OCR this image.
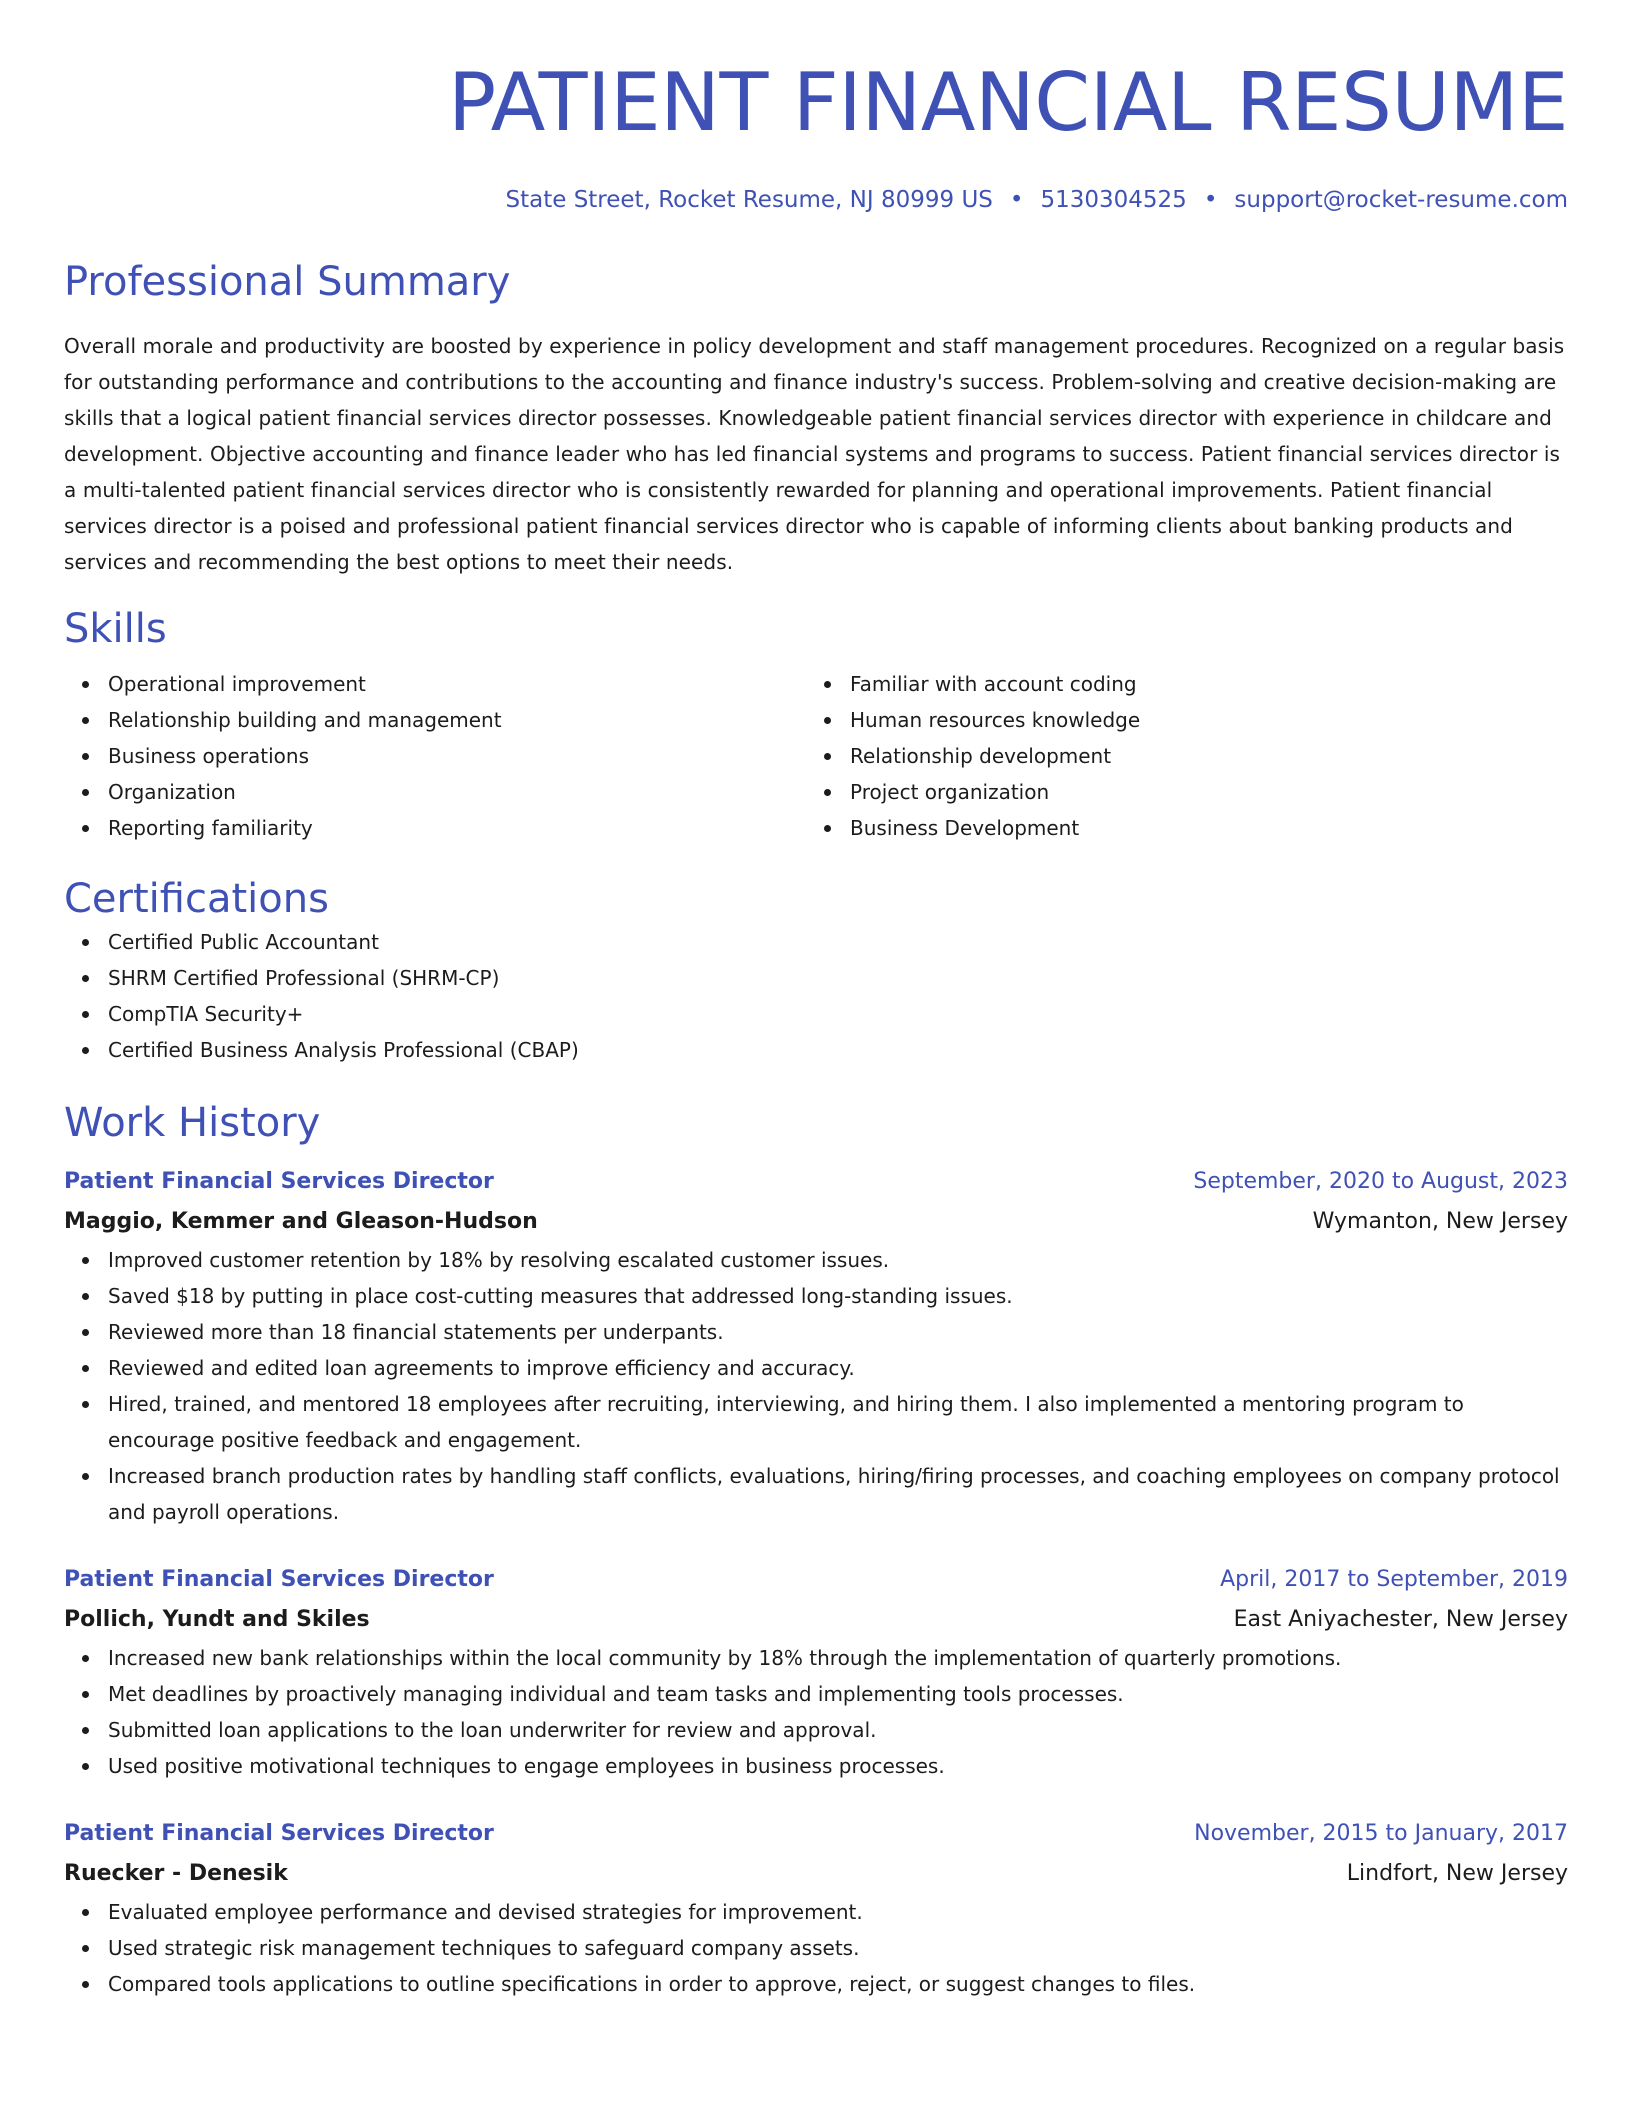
PATIENT FINANCIAL RESUME
State Street, Rocket Resume, NJ 80999 US • 5130304525 • support@rocket-resume.com
Professional Summary

Overall morale and productivity are boosted by experience in policy development and staff management procedures. Recognized on a regular basis for outstanding performance and contributions to the accounting and finance industry's success. Problem-solving and creative decision-making are skills that a logical patient financial services director possesses. Knowledgeable patient financial services director with experience in childcare and development. Objective accounting and finance leader who has led financial systems and programs to success. Patient financial services director is a multi-talented patient financial services director who is consistently rewarded for planning and operational improvements. Patient financial services director is a poised and professional patient financial services director who is capable of informing clients about banking products and services and recommending the best options to meet their needs.

Skills
Operational improvement
Relationship building and management
Business operations
Organization
Reporting familiarity
Familiar with account coding
Human resources knowledge
Relationship development
Project organization
Business Development
Certifications
Certified Public Accountant
SHRM Certified Professional (SHRM-CP)
CompTIA Security+
Certified Business Analysis Professional (CBAP)
Work History
Patient Financial Services Director	September, 2020 to August, 2023
Maggio, Kemmer and Gleason-Hudson	Wymanton, New Jersey
Improved customer retention by 18% by resolving escalated customer issues.
Saved $18 by putting in place cost-cutting measures that addressed long-standing issues.
Reviewed more than 18 financial statements per underpants.
Reviewed and edited loan agreements to improve efficiency and accuracy.
Hired, trained, and mentored 18 employees after recruiting, interviewing, and hiring them. I also implemented a mentoring program to encourage positive feedback and engagement.
Increased branch production rates by handling staff conflicts, evaluations, hiring/firing processes, and coaching employees on company protocol and payroll operations.
Patient Financial Services Director	April, 2017 to September, 2019
Pollich, Yundt and Skiles	East Aniyachester, New Jersey
Increased new bank relationships within the local community by 18% through the implementation of quarterly promotions.
Met deadlines by proactively managing individual and team tasks and implementing tools processes.
Submitted loan applications to the loan underwriter for review and approval.
Used positive motivational techniques to engage employees in business processes.
Patient Financial Services Director	November, 2015 to January, 2017
Ruecker - Denesik	Lindfort, New Jersey
Evaluated employee performance and devised strategies for improvement.
Used strategic risk management techniques to safeguard company assets.
Compared tools applications to outline specifications in order to approve, reject, or suggest changes to files.
